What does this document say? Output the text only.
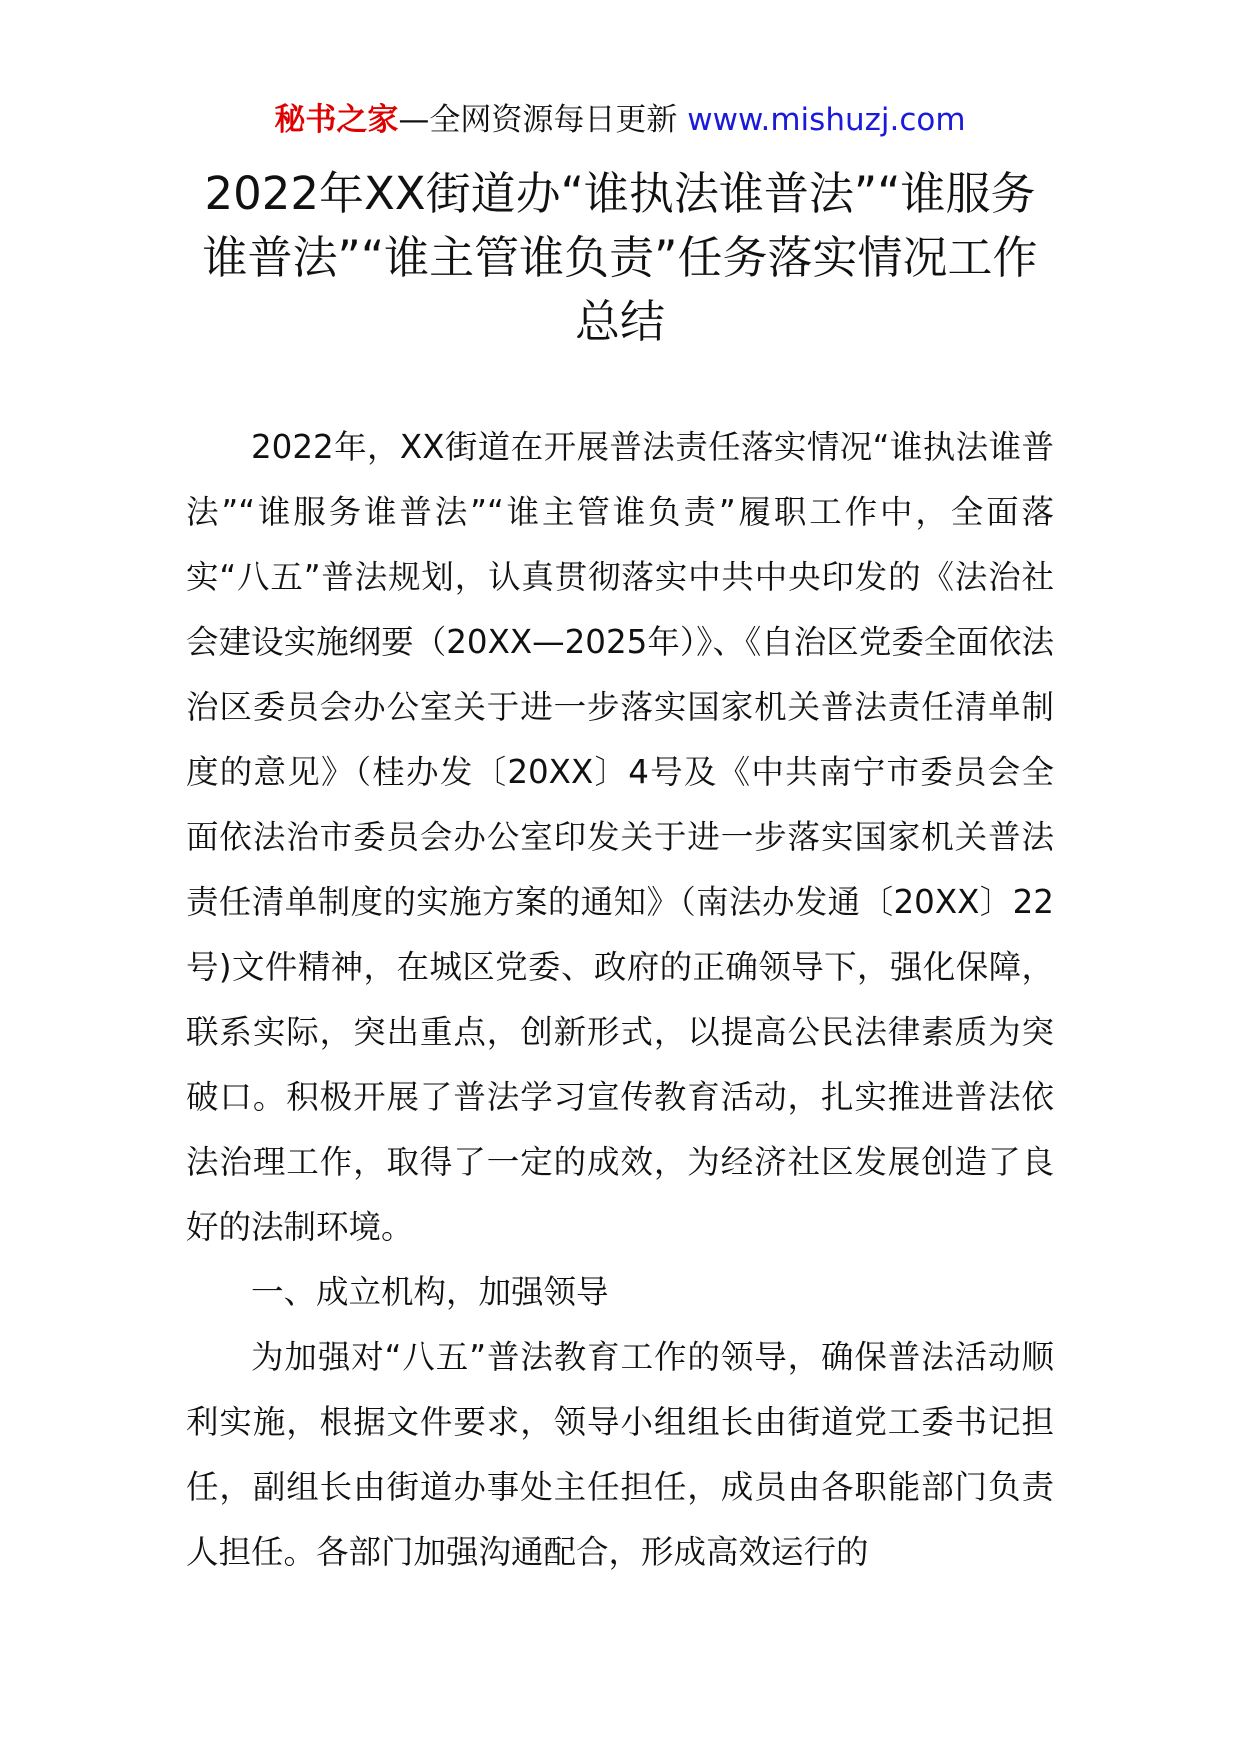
秘书之家—全网资源每日更新 www.mishuzj.com
2022年XX街道办“谁执法谁普法”“谁服务谁普法”“谁主管谁负责”任务落实情况工作总结

2022年，XX街道在开展普法责任落实情况“谁执法谁普法”“谁服务谁普法”“谁主管谁负责”履职工作中，全面落实“八五”普法规划，认真贯彻落实中共中央印发的《法治社会建设实施纲要（20XX—2025年）》、《自治区党委全面依法治区委员会办公室关于进一步落实国家机关普法责任清单制度的意见》（桂办发〔20XX〕4号及《中共南宁市委员会全面依法治市委员会办公室印发关于进一步落实国家机关普法责任清单制度的实施方案的通知》（南法办发通〔20XX〕22号)文件精神，在城区党委、政府的正确领导下，强化保障，联系实际，突出重点，创新形式，以提高公民法律素质为突破口。积极开展了普法学习宣传教育活动，扎实推进普法依法治理工作，取得了一定的成效，为经济社区发展创造了良好的法制环境。

一、成立机构，加强领导

为加强对“八五”普法教育工作的领导，确保普法活动顺利实施，根据文件要求，领导小组组长由街道党工委书记担任，副组长由街道办事处主任担任，成员由各职能部门负责人担任。各部门加强沟通配合，形成高效运行的
